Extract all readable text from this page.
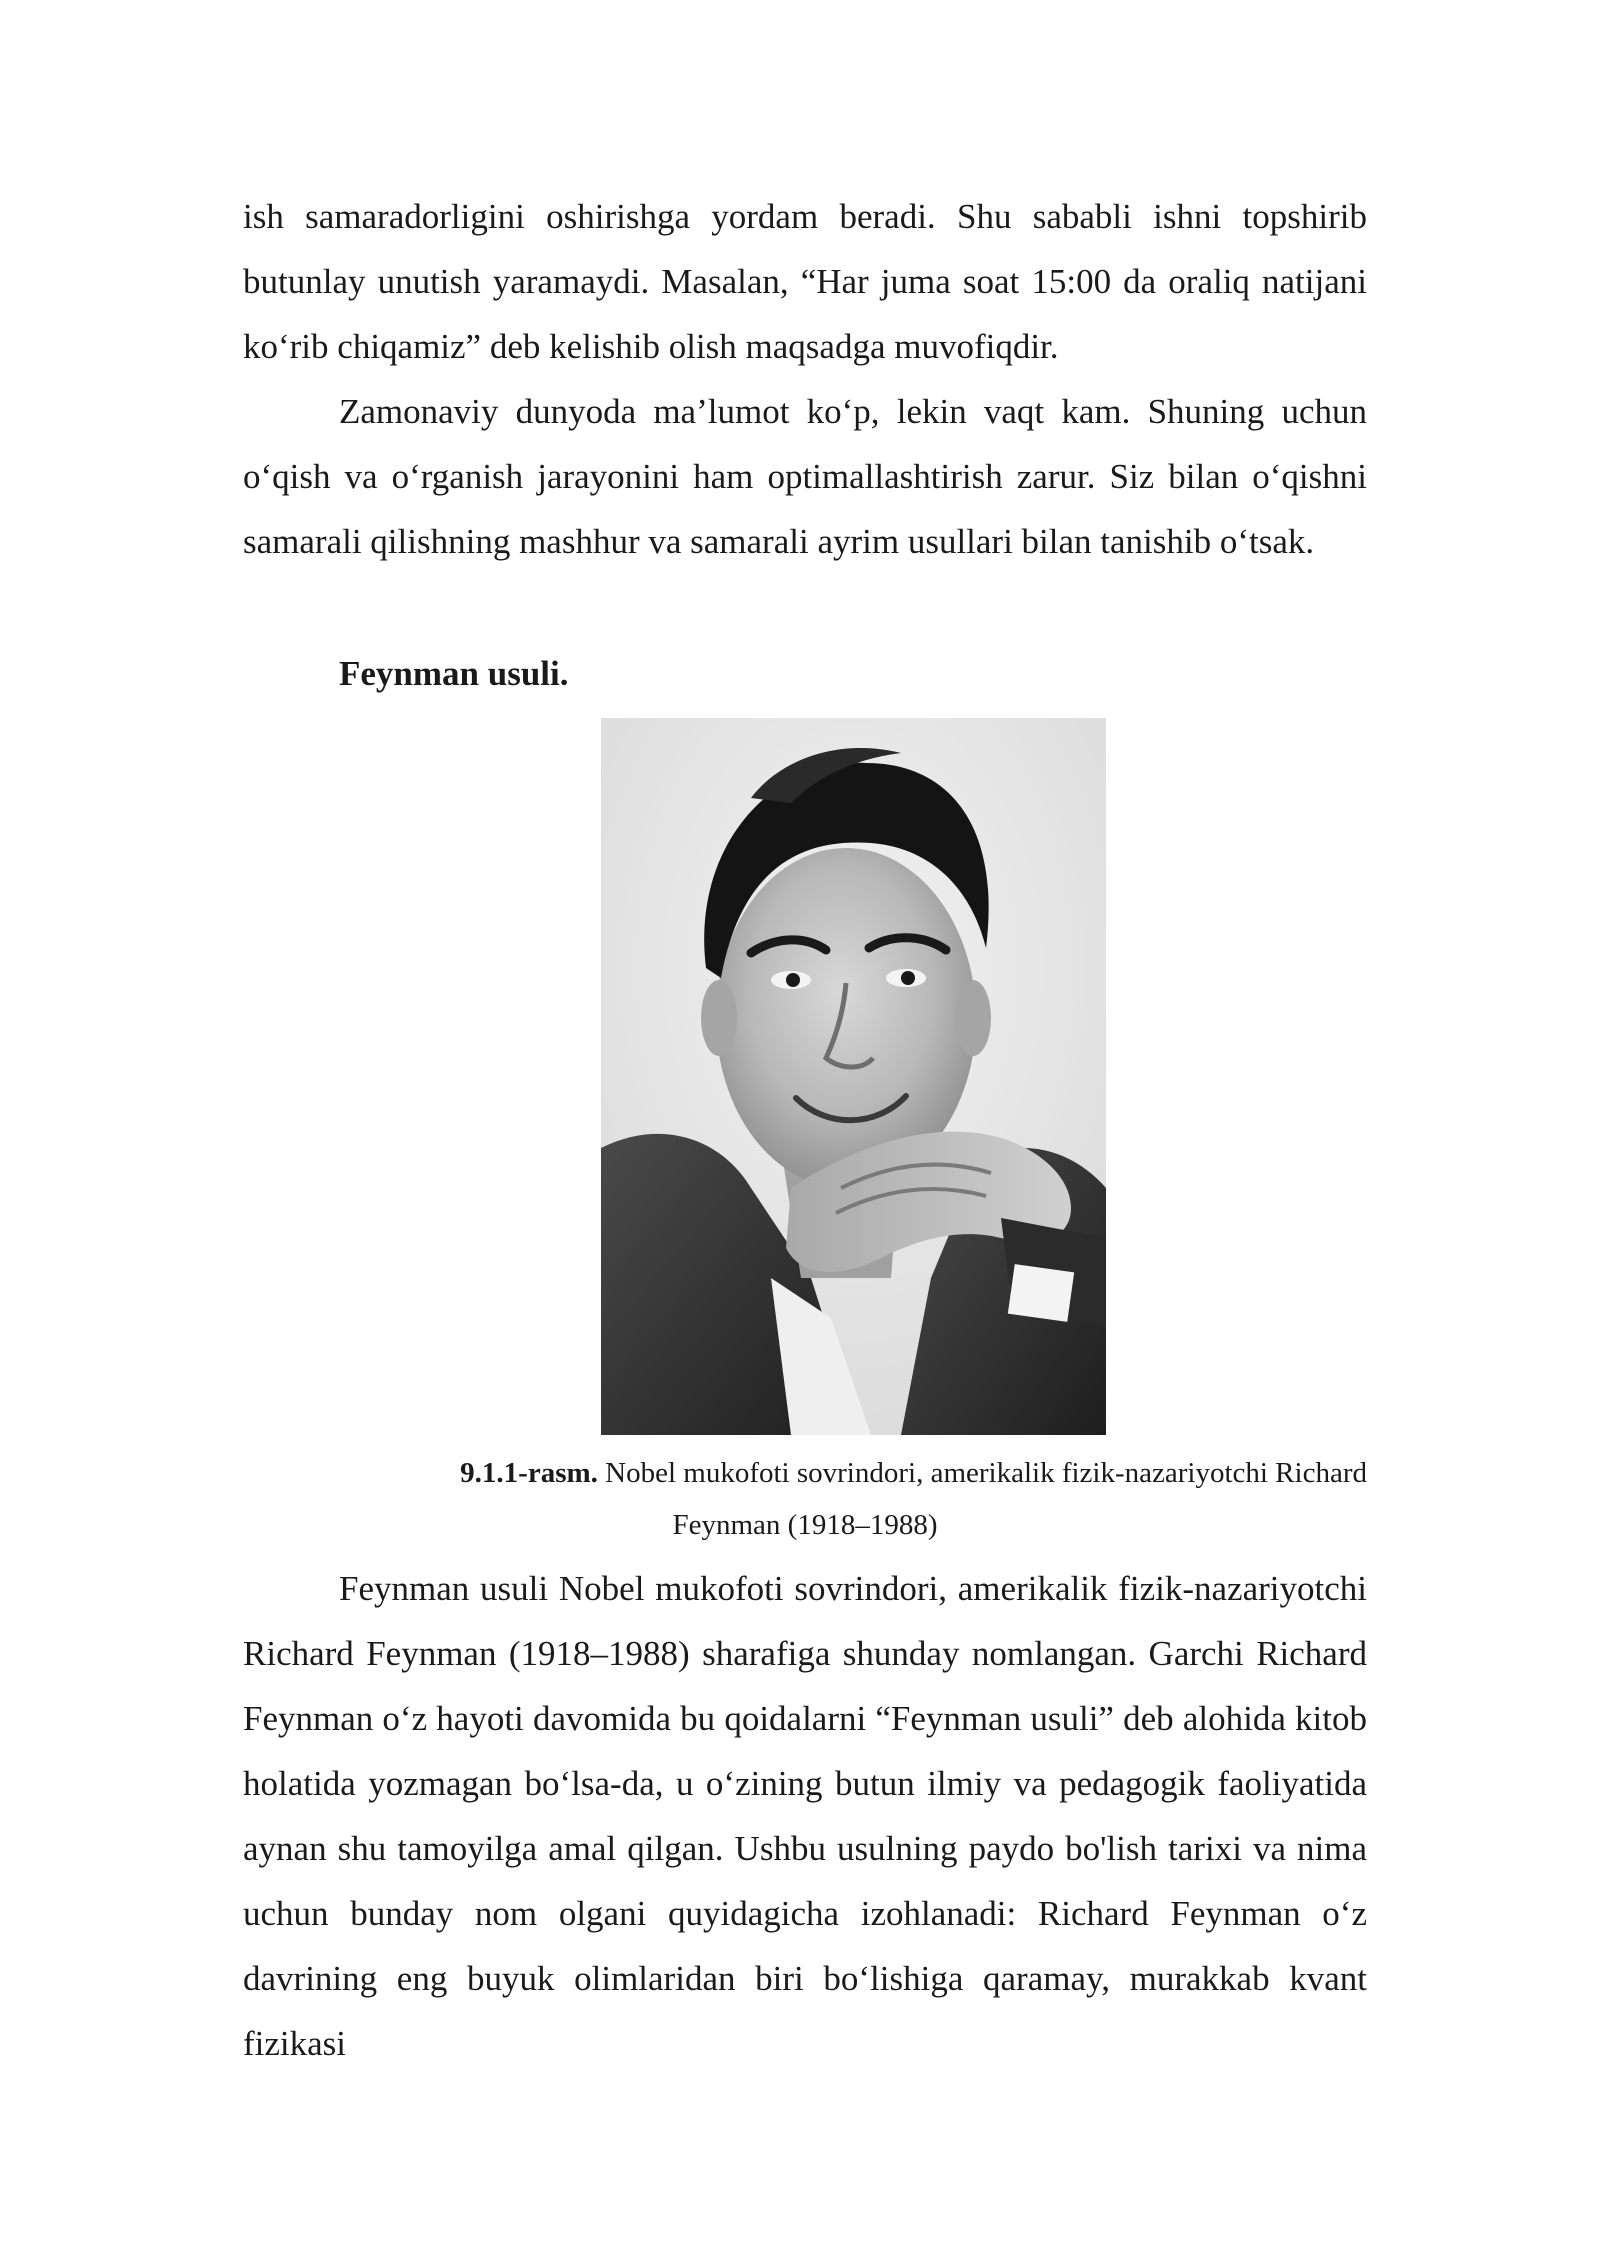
ish samaradorligini oshirishga yordam beradi. Shu sababli ishni topshirib butunlay unutish yaramaydi. Masalan, “Har juma soat 15:00 da oraliq natijani ko‘rib chiqamiz” deb kelishib olish maqsadga muvofiqdir.

Zamonaviy dunyoda ma’lumot ko‘p, lekin vaqt kam. Shuning uchun o‘qish va o‘rganish jarayonini ham optimallashtirish zarur. Siz bilan o‘qishni samarali qilishning mashhur va samarali ayrim usullari bilan tanishib o‘tsak.

Feynman usuli.

9.1.1-rasm. Nobel mukofoti sovrindori, amerikalik fizik-nazariyotchi Richard
Feynman (1918–1988)

Feynman usuli Nobel mukofoti sovrindori, amerikalik fizik-nazariyotchi Richard Feynman (1918–1988) sharafiga shunday nomlangan. Garchi Richard Feynman o‘z hayoti davomida bu qoidalarni “Feynman usuli” deb alohida kitob holatida yozmagan bo‘lsa-da, u o‘zining butun ilmiy va pedagogik faoliyatida aynan shu tamoyilga amal qilgan. Ushbu usulning paydo bo'lish tarixi va nima uchun bunday nom olgani quyidagicha izohlanadi: Richard Feynman o‘z davrining eng buyuk olimlaridan biri bo‘lishiga qaramay, murakkab kvant fizikasi
